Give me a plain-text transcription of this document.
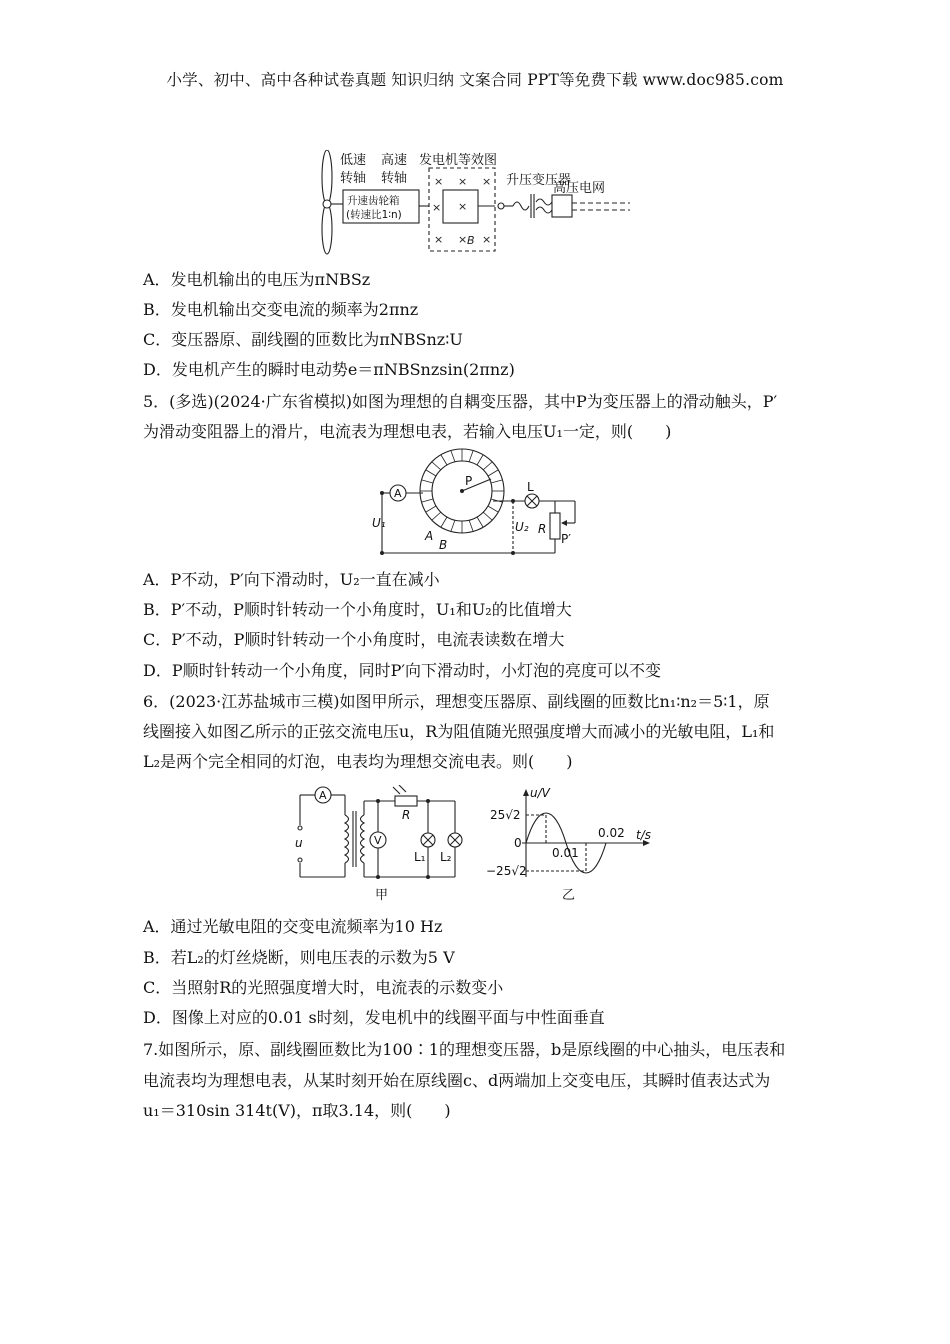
小学、初中、高中各种试卷真题 知识归纳 文案合同 PPT等免费下载 www.doc985.com
低速
转轴
高速
转轴
发电机等效图
升压变压器
高压电网
升速齿轮箱
(转速比1∶n)
× × ×
× ×
× × ×
B
A．发电机输出的电压为πNBSz
B．发电机输出交变电流的频率为2πnz
C．变压器原、副线圈的匝数比为πNBSnz∶U
D．发电机产生的瞬时电动势e＝πNBSnzsin(2πnz)
5．(多选)(2024·广东省模拟)如图为理想的自耦变压器，其中P为变压器上的滑动触头，P′
为滑动变阻器上的滑片，电流表为理想电表，若输入电压U₁一定，则(　　)
A
U₁
A
B
P	L
U₂ R
P′
A．P不动，P′向下滑动时，U₂一直在减小
B．P′不动，P顺时针转动一个小角度时，U₁和U₂的比值增大
C．P′不动，P顺时针转动一个小角度时，电流表读数在增大
D．P顺时针转动一个小角度，同时P′向下滑动时，小灯泡的亮度可以不变
6．(2023·江苏盐城市三模)如图甲所示，理想变压器原、副线圈的匝数比n₁∶n₂＝5∶1，原
线圈接入如图乙所示的正弦交流电压u，R为阻值随光照强度增大而减小的光敏电阻，L₁和
L₂是两个完全相同的灯泡，电表均为理想交流电表。则(　　)
A
u	V
R
L₁ L₂
甲
u/V
t/s
25√2
−25√2
0
0.01
0.02
乙
A．通过光敏电阻的交变电流频率为10 Hz
B．若L₂的灯丝烧断，则电压表的示数为5 V
C．当照射R的光照强度增大时，电流表的示数变小
D．图像上对应的0.01 s时刻，发电机中的线圈平面与中性面垂直
7.如图所示，原、副线圈匝数比为100∶1的理想变压器，b是原线圈的中心抽头，电压表和
电流表均为理想电表，从某时刻开始在原线圈c、d两端加上交变电压，其瞬时值表达式为
u₁＝310sin 314t(V)，π取3.14，则(　　)
